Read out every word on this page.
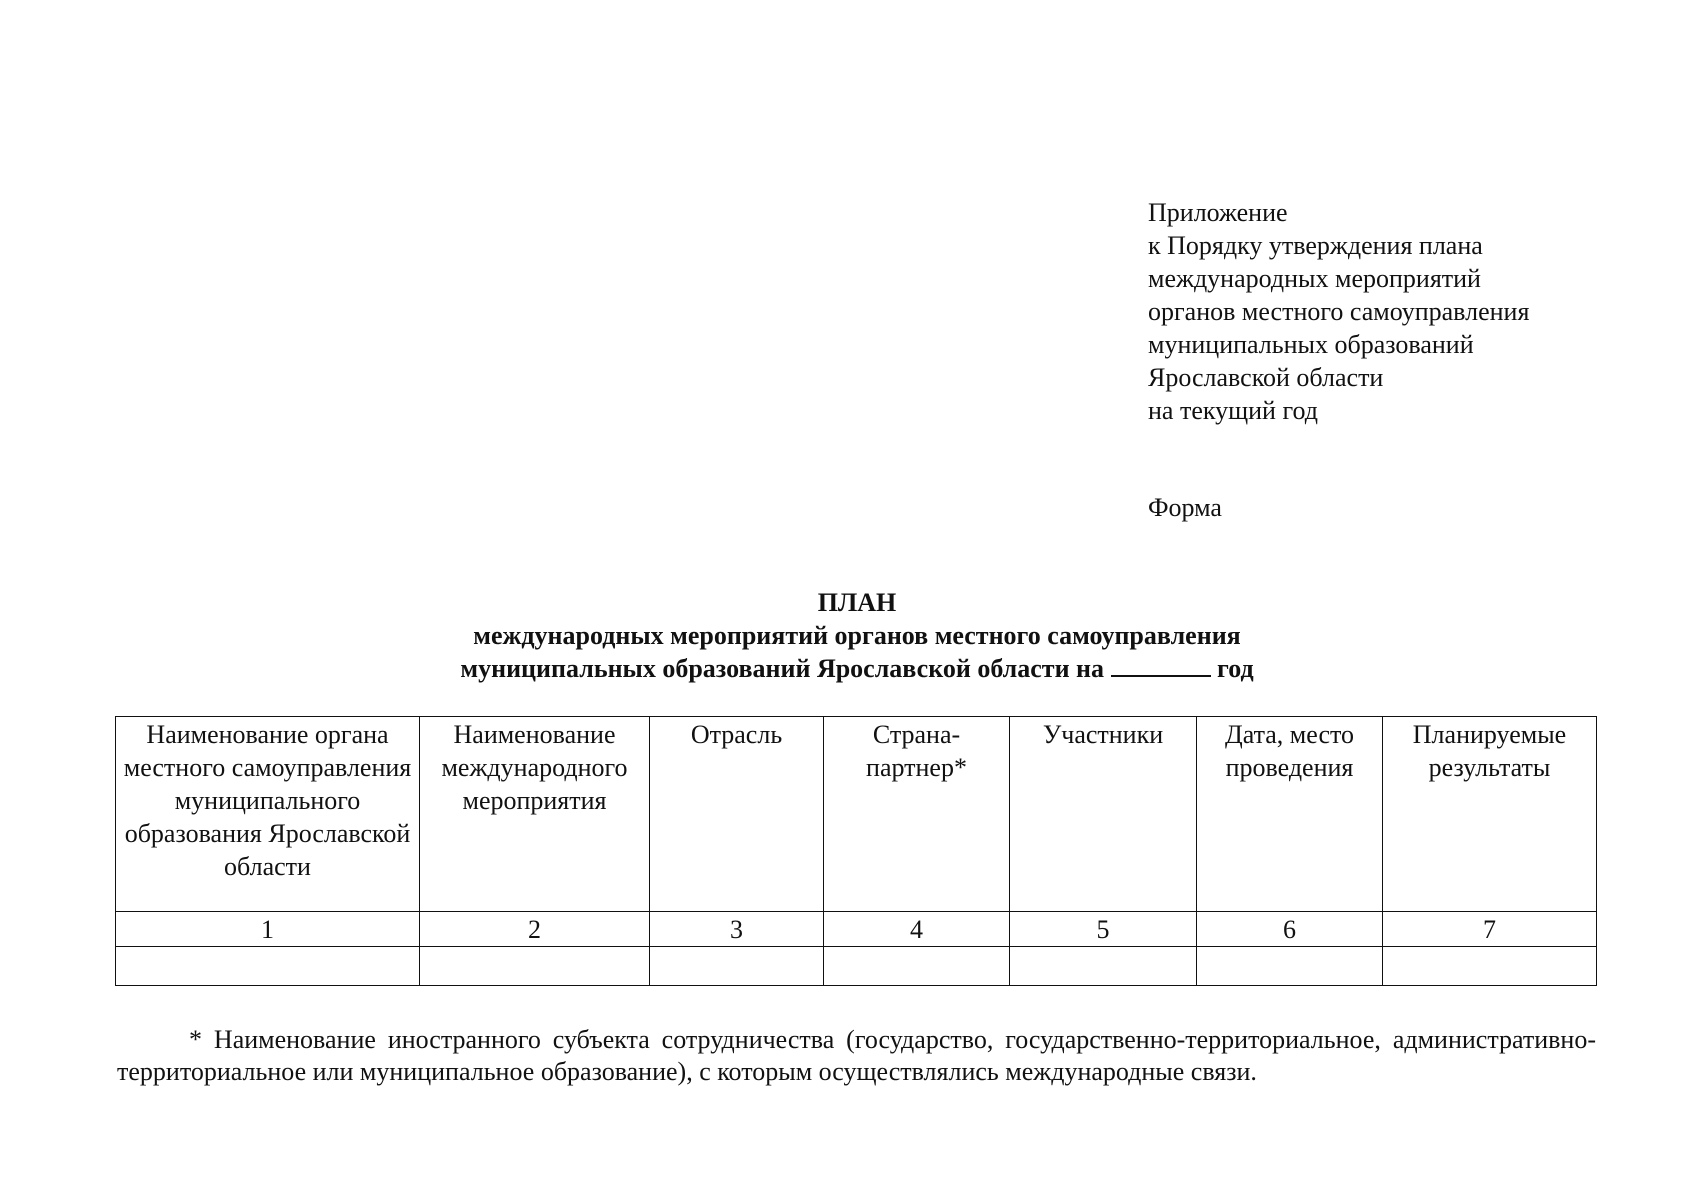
Приложение
к Порядку утверждения плана
международных мероприятий
органов местного самоуправления
муниципальных образований
Ярославской области
на текущий год
Форма
ПЛАН
международных мероприятий органов местного самоуправления
муниципальных образований Ярославской области на	год
Наименование органа местного самоуправления муниципального образования Ярославской области	Наименование международного мероприятия	Отрасль	Страна-партнер*	Участники	Дата, место проведения	Планируемые результаты
1	2	3	4	5	6	7

* Наименование иностранного субъекта сотрудничества (государство, государственно-территориальное, административно-территориальное или муниципальное образование), с которым осуществлялись международные связи.
